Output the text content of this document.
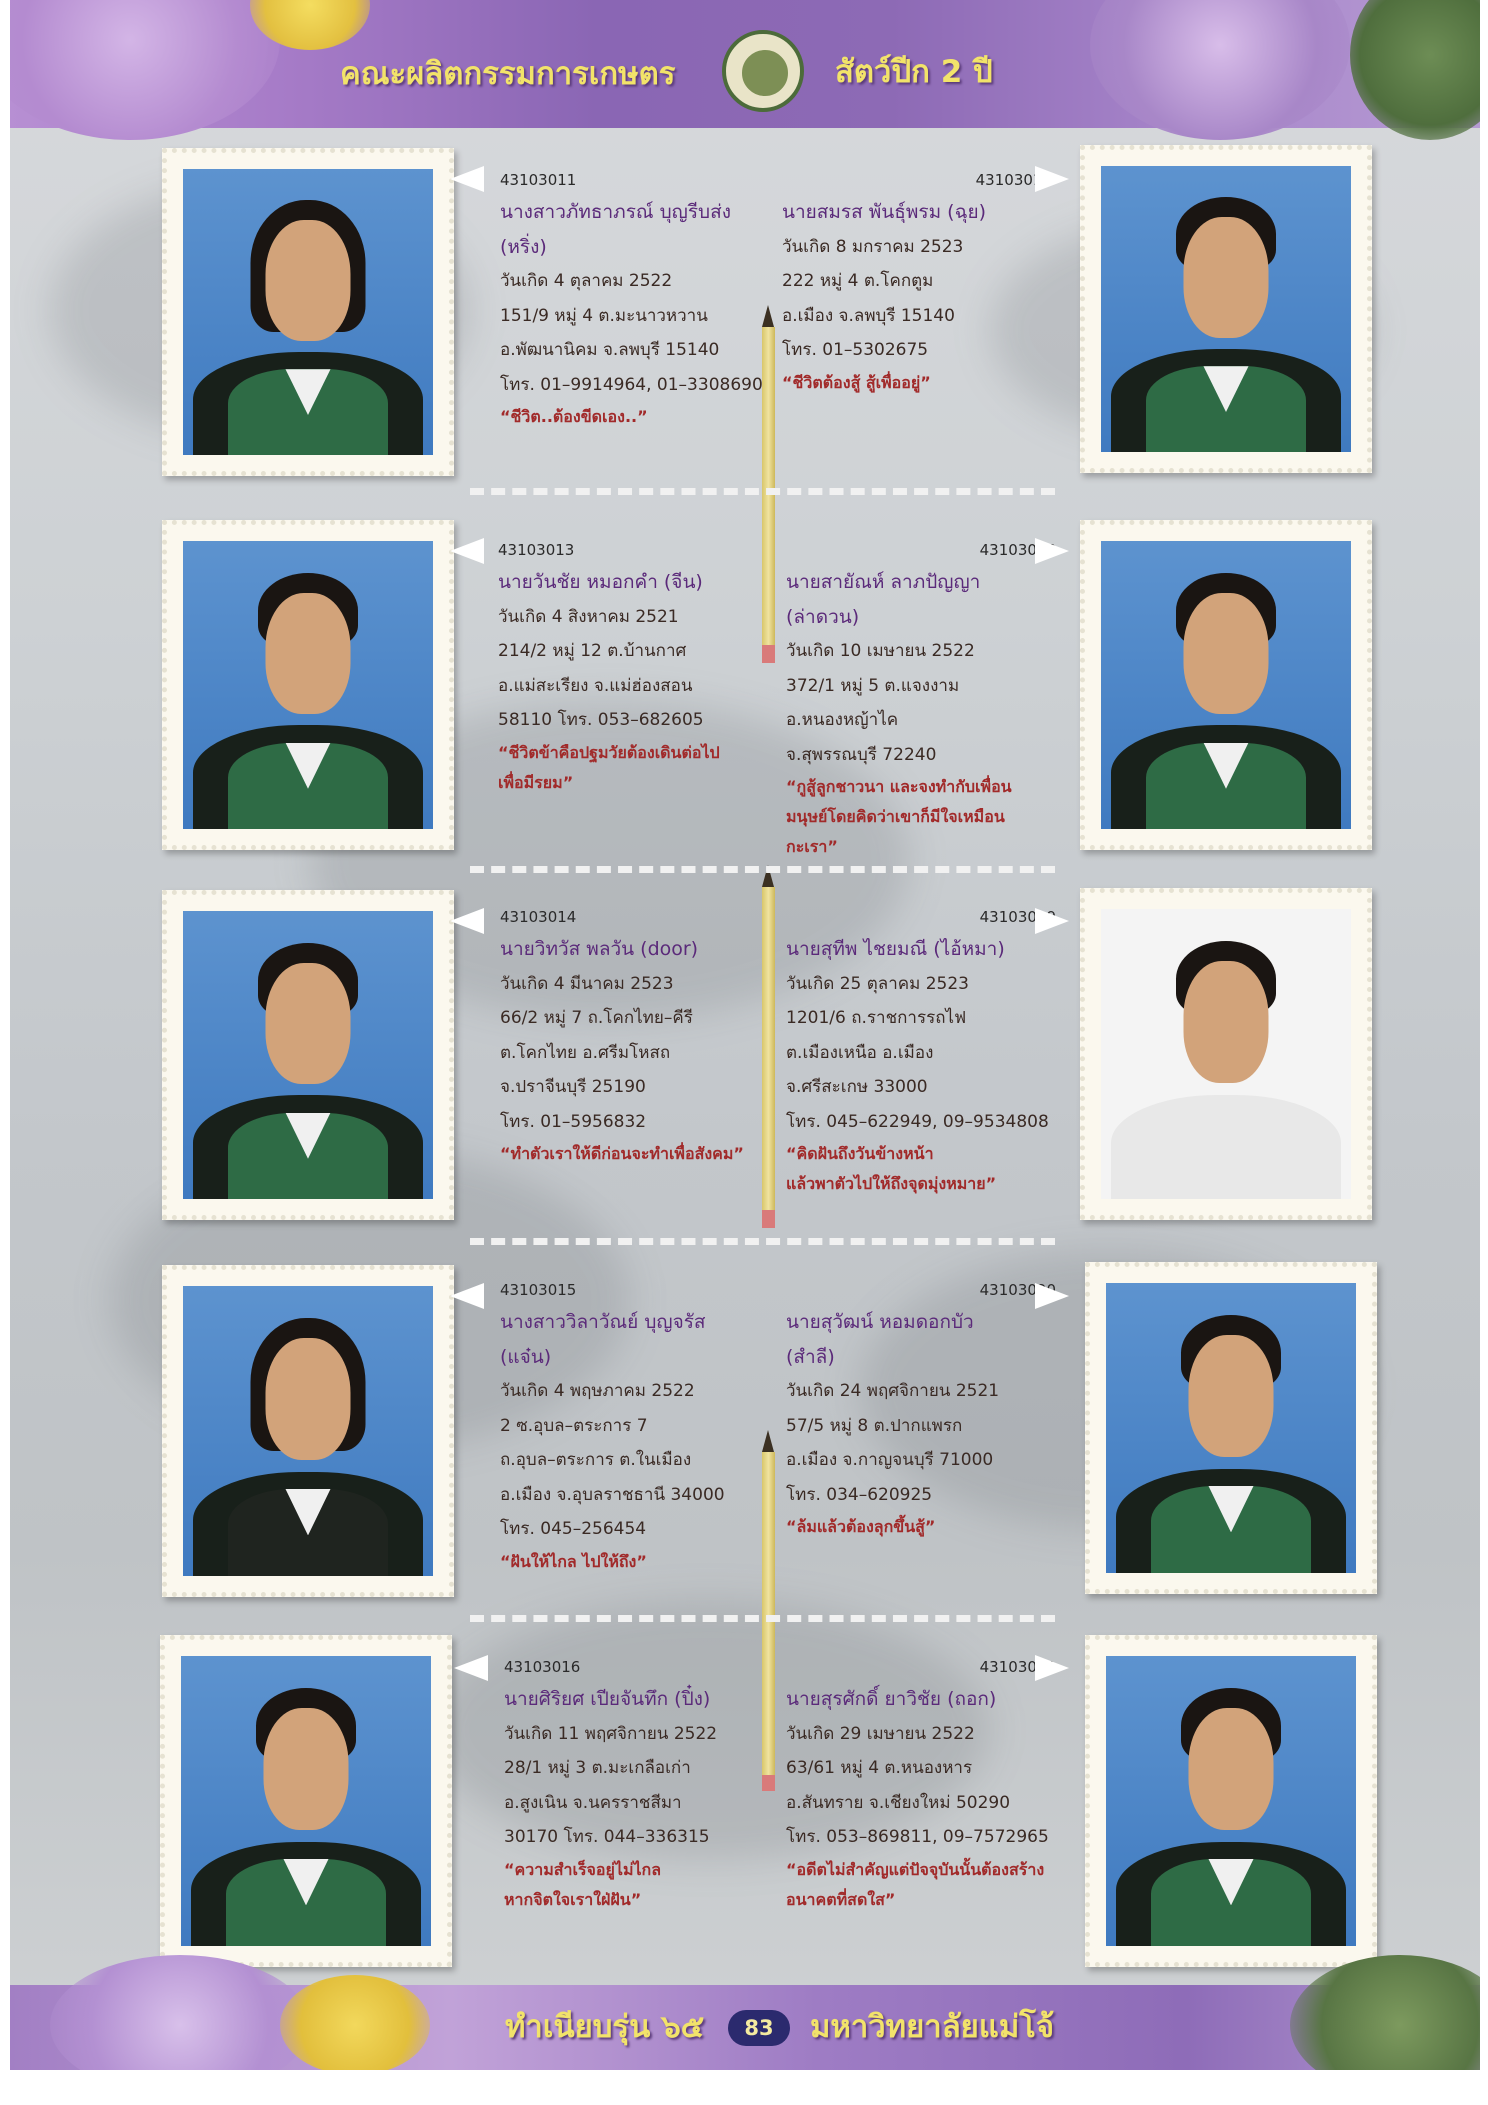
คณะผลิตกรรมการเกษตร	สัตว์ปีก 2 ปี
43103011
นางสาวภัทธาภรณ์ บุญรีบส่ง
(หริ่ง)
วันเกิด 4 ตุลาคม 2522
151/9 หมู่ 4 ต.มะนาวหวาน
อ.พัฒนานิคม จ.ลพบุรี 15140
โทร. 01–9914964, 01–3308690
“ชีวิต..ต้องขีดเอง..”
43103017
นายสมรส พันธุ์พรม (ฉุย)
วันเกิด 8 มกราคม 2523
222 หมู่ 4 ต.โคกตูม
อ.เมือง จ.ลพบุรี 15140
โทร. 01–5302675
“ชีวิตต้องสู้ สู้เพื่ออยู่”
43103013
นายวันชัย หมอกคำ (จีน)
วันเกิด 4 สิงหาคม 2521
214/2 หมู่ 12 ต.บ้านกาศ
อ.แม่สะเรียง จ.แม่ฮ่องสอน
58110 โทร. 053–682605
“ชีวิตข้าคือปฐมวัยต้องเดินต่อไป
เพื่อมีรยม”
43103018
นายสายัณห์ ลาภปัญญา
(ล่าดวน)
วันเกิด 10 เมษายน 2522
372/1 หมู่ 5 ต.แจงงาม
อ.หนองหญ้าไค
จ.สุพรรณบุรี 72240
“กูสู้ลูกชาวนา และจงทำกับเพื่อน
มนุษย์โดยคิดว่าเขาก็มีใจเหมือน
กะเรา”
43103014
นายวิทวัส พลวัน (door)
วันเกิด 4 มีนาคม 2523
66/2 หมู่ 7 ถ.โคกไทย–คีรี
ต.โคกไทย อ.ศรีมโหสถ
จ.ปราจีนบุรี 25190
โทร. 01–5956832
“ทำตัวเราให้ดีก่อนจะทำเพื่อสังคม”
43103019
นายสุทีพ ไชยมณี (ไอ้หมา)
วันเกิด 25 ตุลาคม 2523
1201/6 ถ.ราชการรถไฟ
ต.เมืองเหนือ อ.เมือง
จ.ศรีสะเกษ 33000
โทร. 045–622949, 09–9534808
“คิดฝันถึงวันข้างหน้า
แล้วพาตัวไปให้ถึงจุดมุ่งหมาย”
43103015
นางสาววิลาวัณย์ บุญจรัส
(แจ๋น)
วันเกิด 4 พฤษภาคม 2522
2 ซ.อุบล–ตระการ 7
ถ.อุบล–ตระการ ต.ในเมือง
อ.เมือง จ.อุบลราชธานี 34000
โทร. 045–256454
“ฝันให้ไกล ไปให้ถึง”
43103020
นายสุวัฒน์ หอมดอกบัว
(สำลี)
วันเกิด 24 พฤศจิกายน 2521
57/5 หมู่ 8 ต.ปากแพรก
อ.เมือง จ.กาญจนบุรี 71000
โทร. 034–620925
“ล้มแล้วต้องลุกขึ้นสู้”
43103016
นายศิริยศ เปียจันทึก (ปิ๋ง)
วันเกิด 11 พฤศจิกายน 2522
28/1 หมู่ 3 ต.มะเกลือเก่า
อ.สูงเนิน จ.นครราชสีมา
30170 โทร. 044–336315
“ความสำเร็จอยู่ไม่ไกล
หากจิตใจเราใฝ่ฝัน”
43103021
นายสุรศักดิ์ ยาวิชัย (ถอก)
วันเกิด 29 เมษายน 2522
63/61 หมู่ 4 ต.หนองหาร
อ.สันทราย จ.เชียงใหม่ 50290
โทร. 053–869811, 09–7572965
“อดีตไม่สำคัญแต่ปัจจุบันนั้นต้องสร้าง
อนาคตที่สดใส”
ทำเนียบรุ่น ๖๕	มหาวิทยาลัยแม่โจ้
83
